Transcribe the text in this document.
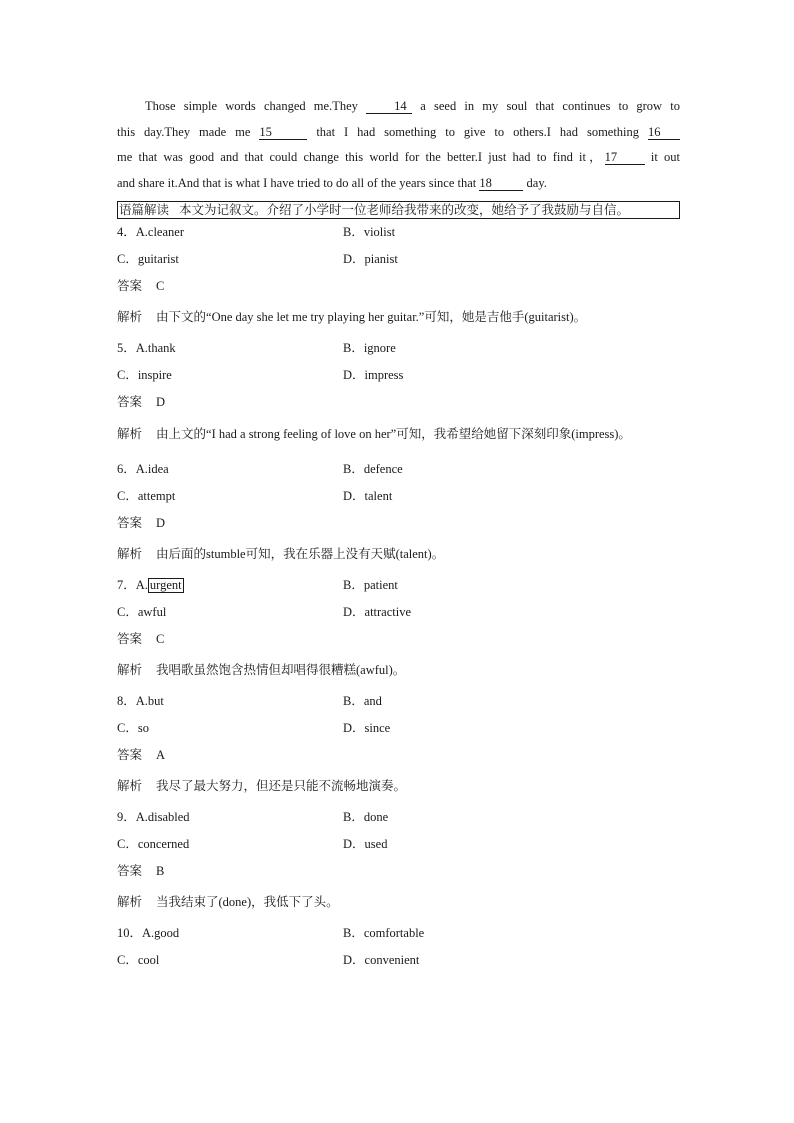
Those simple words changed me.They 14 a seed in my soul that continues to grow to

this day.They made me 15	that I had something to give to others.I had something 16

me that was good and that could change this world for the better.I just had to find it，17 it out

and share it.And that is what I have tried to do all of the years since that 18	day.

语篇解读 本文为记叙文。介绍了小学时一位老师给我带来的改变，她给予了我鼓励与自信。
4．A.cleaner	B．violist
C．guitarist	D．pianist
答案 C
解析 由下文的“One day she let me try playing her guitar.”可知，她是吉他手(guitarist)。
5．A.thank	B．ignore
C．inspire	D．impress
答案 D
解析 由上文的“I had a strong feeling of love on her”可知，我希望给她留下深刻印象(impress)。
6．A.idea	B．defence
C．attempt	D．talent
答案 D
解析 由后面的stumble可知，我在乐器上没有天赋(talent)。
7．A. urgent	B．patient
C．awful	D．attractive
答案 C
解析 我唱歌虽然饱含热情但却唱得很糟糕(awful)。
8．A.but	B．and
C．so	D．since
答案 A
解析 我尽了最大努力，但还是只能不流畅地演奏。
9．A.disabled	B．done
C．concerned	D．used
答案 B
解析 当我结束了(done)，我低下了头。
10．A.good	B．comfortable
C．cool	D．convenient
